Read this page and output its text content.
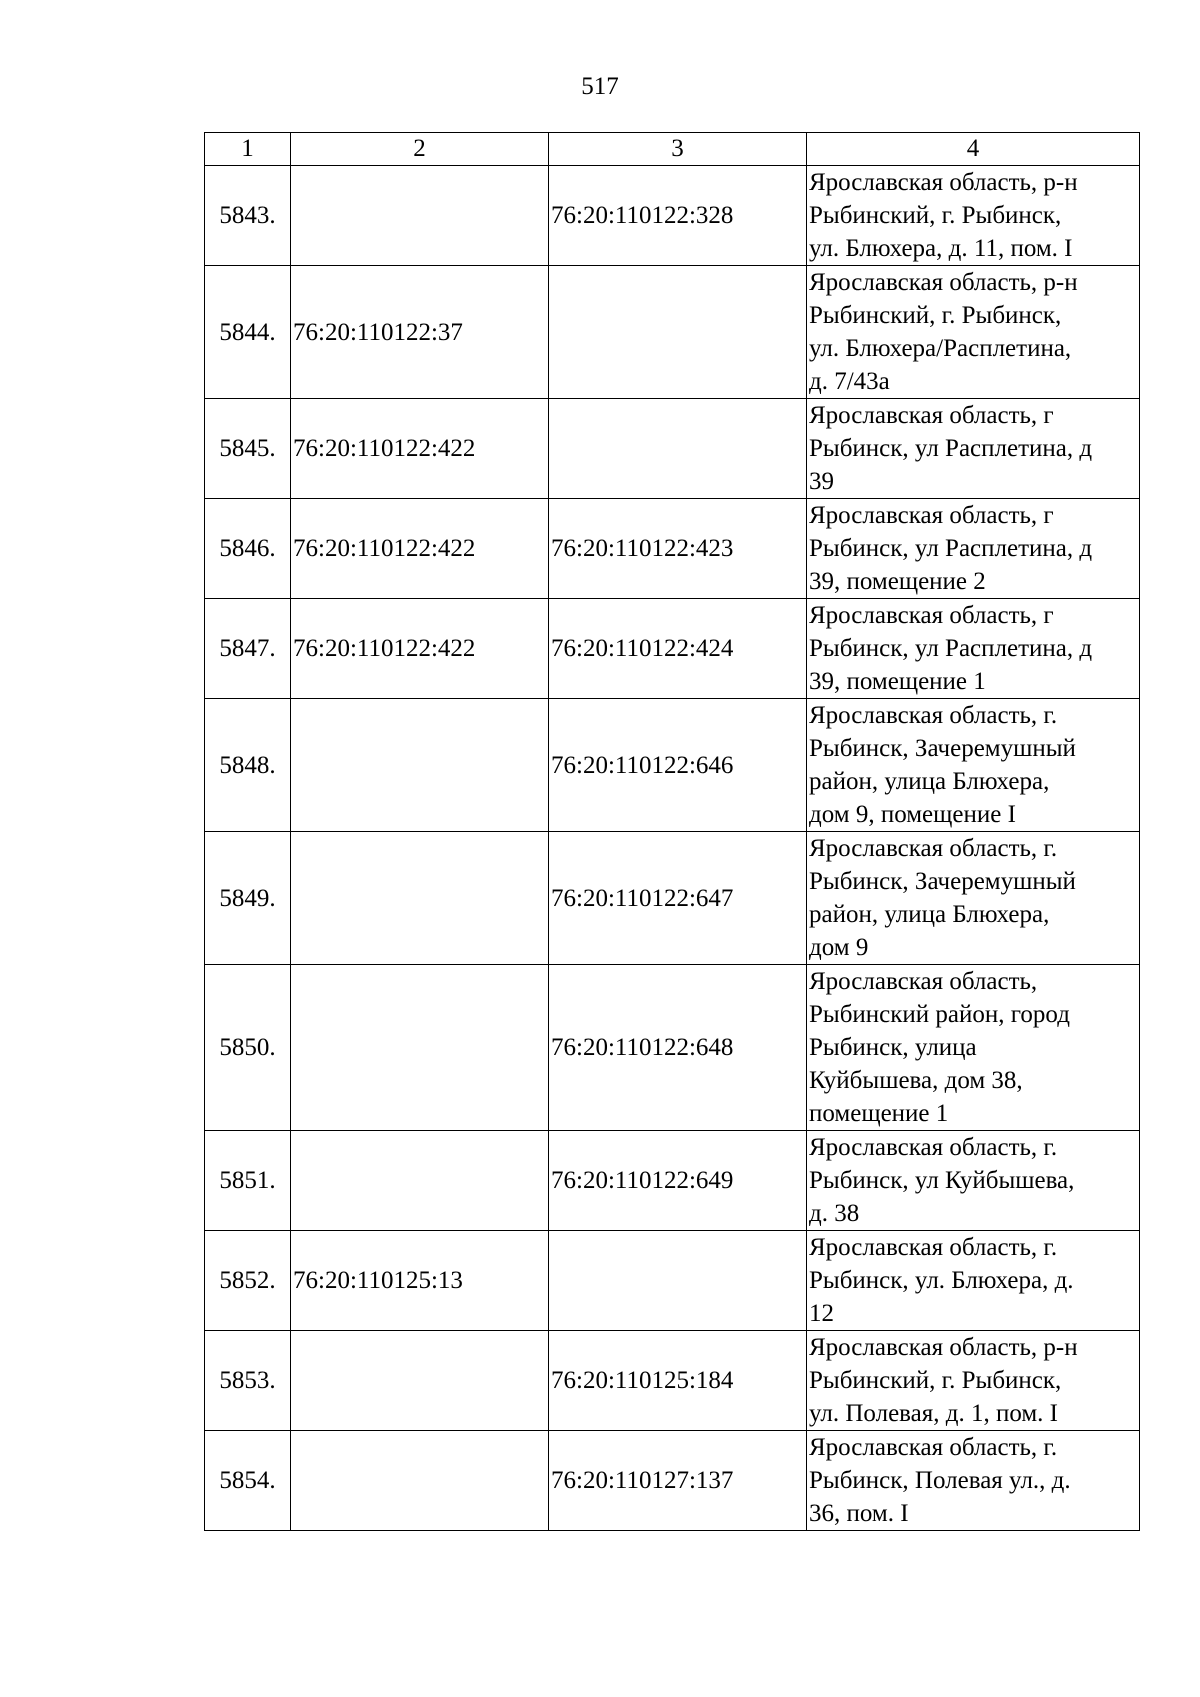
517
1	2	3	4
5843.		76:20:110122:328	Ярославская область, р-н
Рыбинский, г. Рыбинск,
ул. Блюхера, д. 11, пом. I

5844.	76:20:110122:37		Ярославская область, р-н
Рыбинский, г. Рыбинск,
ул. Блюхера/Расплетина,
д. 7/43а

5845.	76:20:110122:422		Ярославская область, г
Рыбинск, ул Расплетина, д
39

5846.	76:20:110122:422	76:20:110122:423	Ярославская область, г
Рыбинск, ул Расплетина, д
39, помещение 2

5847.	76:20:110122:422	76:20:110122:424	Ярославская область, г
Рыбинск, ул Расплетина, д
39, помещение 1

5848.		76:20:110122:646	Ярославская область, г.
Рыбинск, Зачеремушный
район, улица Блюхера,
дом 9, помещение I

5849.		76:20:110122:647	Ярославская область, г.
Рыбинск, Зачеремушный
район, улица Блюхера,
дом 9

5850.		76:20:110122:648	Ярославская область,
Рыбинский район, город
Рыбинск, улица
Куйбышева, дом 38,
помещение 1

5851.		76:20:110122:649	Ярославская область, г.
Рыбинск, ул Куйбышева,
д. 38

5852.	76:20:110125:13		Ярославская область, г.
Рыбинск, ул. Блюхера, д.
12

5853.		76:20:110125:184	Ярославская область, р-н
Рыбинский, г. Рыбинск,
ул. Полевая, д. 1, пом. I

5854.		76:20:110127:137	Ярославская область, г.
Рыбинск, Полевая ул., д.
36, пом. I
